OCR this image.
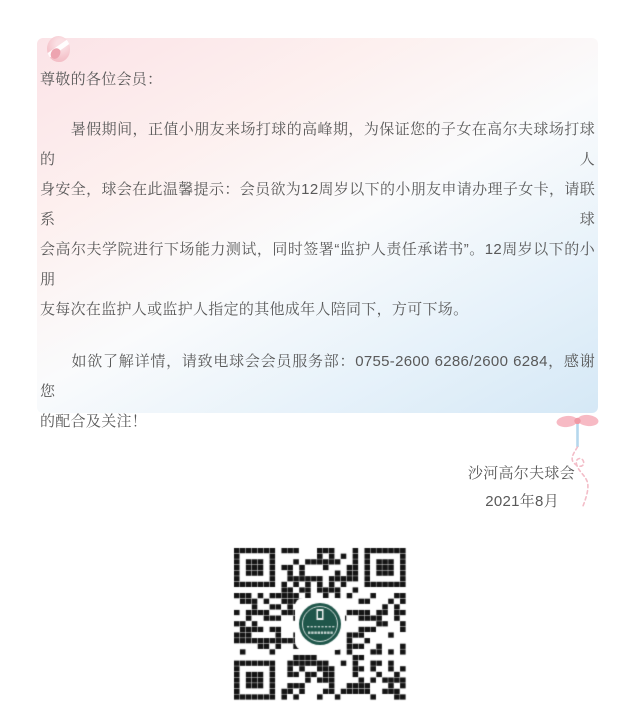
尊敬的各位会员：
　　暑假期间，正值小朋友来场打球的高峰期，为保证您的子女在高尔夫球场打球的人
身安全，球会在此温馨提示：会员欲为12周岁以下的小朋友申请办理子女卡，请联系球
会高尔夫学院进行下场能力测试，同时签署“监护人责任承诺书”。12周岁以下的小朋
友每次在监护人或监护人指定的其他成年人陪同下，方可下场。
　　如欲了解详情，请致电球会会员服务部：0755-2600 6286/2600 6284，感谢您
的配合及关注！
沙河高尔夫球会
2021年8月
